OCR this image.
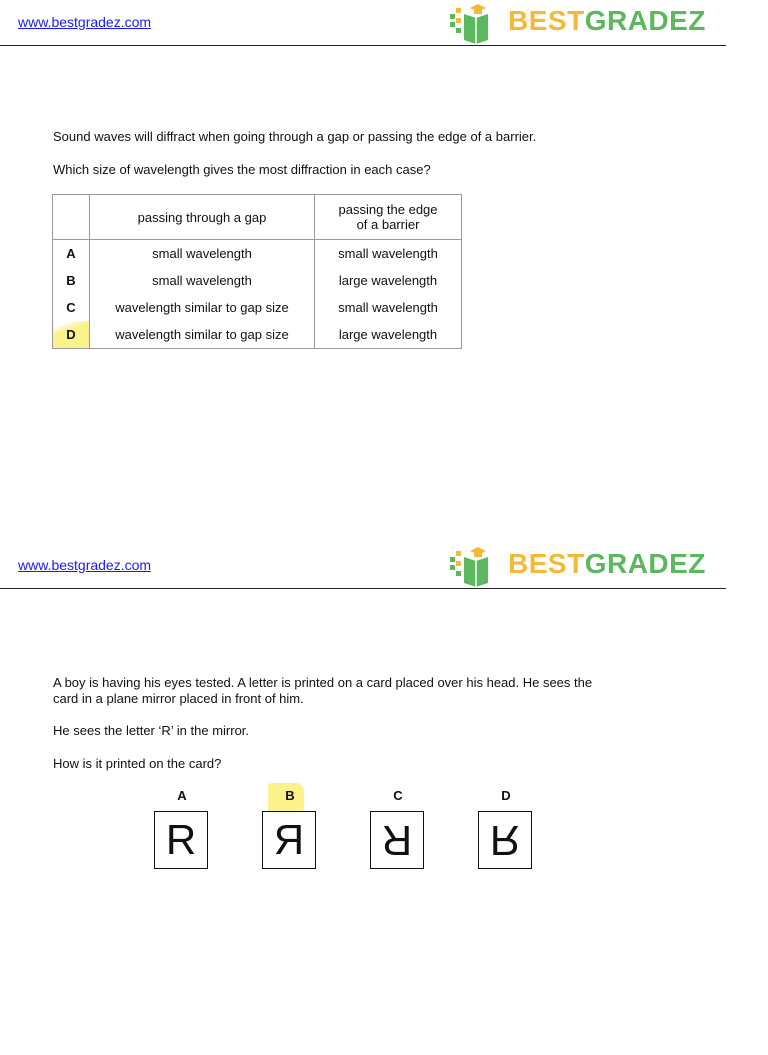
www.bestgradez.com	BESTGRADEZ
Sound waves will diffract when going through a gap or passing the edge of a barrier.
Which size of wavelength gives the most diffraction in each case?
	passing through a gap	passing the edge
of a barrier
A	small wavelength	small wavelength
B	small wavelength	large wavelength
C	wavelength similar to gap size	small wavelength
D	wavelength similar to gap size	large wavelength
www.bestgradez.com	BESTGRADEZ
A boy is having his eyes tested. A letter is printed on a card placed over his head. He sees the
card in a plane mirror placed in front of him.
He sees the letter ‘R’ in the mirror.
How is it printed on the card?
A	B	C	D
R R R R
